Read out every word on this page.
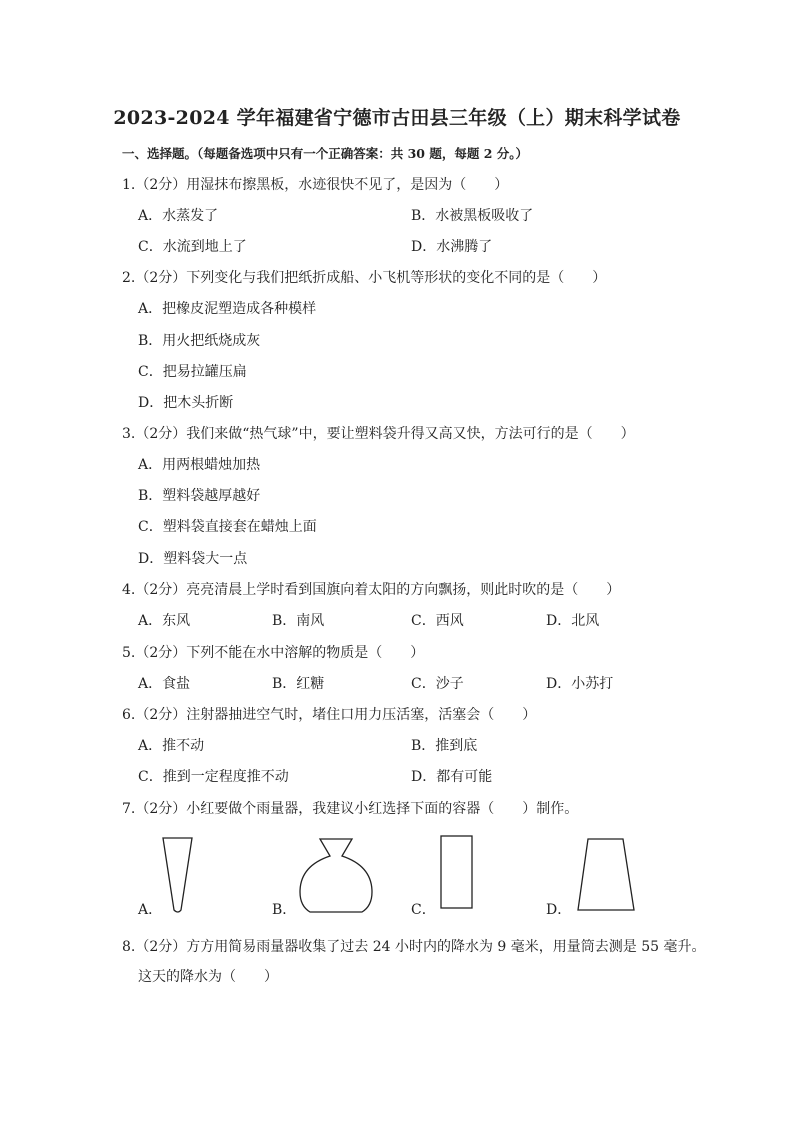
2023-2024 学年福建省宁德市古田县三年级（上）期末科学试卷
一、选择题。（每题备选项中只有一个正确答案：共 30 题，每题 2 分。）
1.（2分）用湿抹布擦黑板，水迹很快不见了，是因为（　　）
A．水蒸发了	B．水被黑板吸收了
C．水流到地上了	D．水沸腾了
2.（2分）下列变化与我们把纸折成船、小飞机等形状的变化不同的是（　　）
A．把橡皮泥塑造成各种模样
B．用火把纸烧成灰
C．把易拉罐压扁
D．把木头折断
3.（2分）我们来做“热气球”中，要让塑料袋升得又高又快，方法可行的是（　　）
A．用两根蜡烛加热
B．塑料袋越厚越好
C．塑料袋直接套在蜡烛上面
D．塑料袋大一点
4.（2分）亮亮清晨上学时看到国旗向着太阳的方向飘扬，则此时吹的是（　　）
A．东风	B．南风	C．西风	D．北风
5.（2分）下列不能在水中溶解的物质是（　　）
A．食盐	B．红糖	C．沙子	D．小苏打
6.（2分）注射器抽进空气时，堵住口用力压活塞，活塞会（　　）
A．推不动	B．推到底
C．推到一定程度推不动	D．都有可能
7.（2分）小红要做个雨量器，我建议小红选择下面的容器（　　）制作。
A．	B．	C．	D．
8.（2分）方方用简易雨量器收集了过去 24 小时内的降水为 9 毫米，用量筒去测是 55 毫升。
这天的降水为（　　）
